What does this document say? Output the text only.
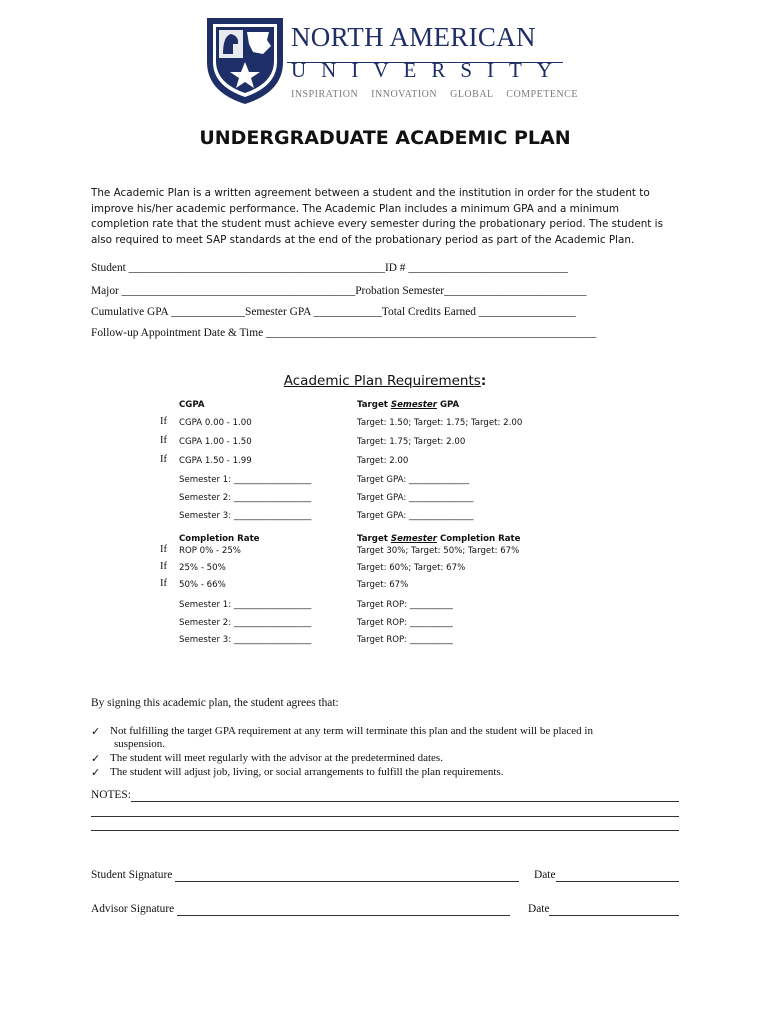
NORTH AMERICAN
UNIVERSITY
INSPIRATION INNOVATION GLOBAL COMPETENCE
UNDERGRADUATE ACADEMIC PLAN
The Academic Plan is a written agreement between a student and the institution in order for the student to improve his/her academic performance. The Academic Plan includes a minimum GPA and a minimum completion rate that the student must achieve every semester during the probationary period. The student is also required to meet SAP standards at the end of the probationary period as part of the Academic Plan.
Student _____________________________________________ID # ____________________________
Major _________________________________________Probation Semester_________________________
Cumulative GPA _____________Semester GPA ____________Total Credits Earned _________________
Follow-up Appointment Date & Time __________________________________________________________
Academic Plan Requirements:
CGPA	Target Semester GPA
If CGPA 0.00 - 1.00	Target: 1.50; Target: 1.75; Target: 2.00
If CGPA 1.00 - 1.50	Target: 1.75; Target: 2.00
If CGPA 1.50 - 1.99	Target: 2.00
Semester 1: __________________	Target GPA: ______________
Semester 2: __________________	Target GPA: _______________
Semester 3: __________________	Target GPA: _______________
Completion Rate	Target Semester Completion Rate
If ROP 0% - 25%	Target 30%; Target: 50%; Target: 67%
If 25% - 50%	Target: 60%; Target: 67%
If 50% - 66%	Target: 67%
Semester 1: __________________	Target ROP: __________
Semester 2: __________________	Target ROP: __________
Semester 3: __________________	Target ROP: __________
By signing this academic plan, the student agrees that:
✓ Not fulfilling the target GPA requirement at any term will terminate this plan and the student will be placed in
suspension.
✓ The student will meet regularly with the advisor at the predetermined dates.
✓ The student will adjust job, living, or social arrangements to fulfill the plan requirements.
NOTES:
Student Signature	Date
Advisor Signature	Date
